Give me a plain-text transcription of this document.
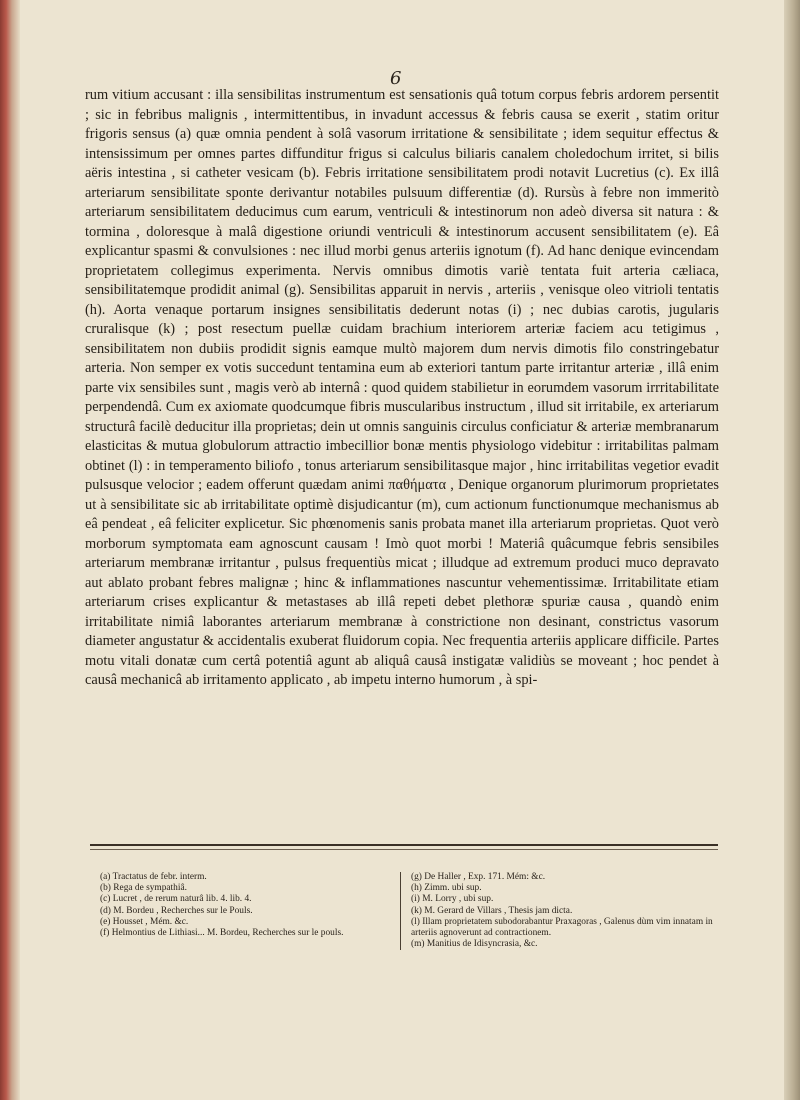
6
rum vitium accusant : illa sensibilitas instrumentum est sensationis quâ totum corpus febris ardorem persentit ; sic in febribus malignis , intermittentibus, in invadunt accessus & febris causa se exerit , statim oritur frigoris sensus (a) quæ omnia pendent à solâ vasorum irritatione & sensibilitate ; idem sequitur effectus & intensissimum per omnes partes diffunditur frigus si calculus biliaris canalem choledochum irritet, si bilis aëris intestina , si catheter vesicam (b). Febris irritatione sensibilitatem prodi notavit Lucretius (c). Ex illâ arteriarum sensibilitate sponte derivantur notabiles pulsuum differentiæ (d). Rursùs à febre non immeritò arteriarum sensibilitatem deducimus cum earum, ventriculi & intestinorum non adeò diversa sit natura : & tormina , doloresque à malâ digestione oriundi ventriculi & intestinorum accusent sensibilitatem (e). Eâ explicantur spasmi & convulsiones : nec illud morbi genus arteriis ignotum (f). Ad hanc denique evincendam proprietatem collegimus experimenta. Nervis omnibus dimotis variè tentata fuit arteria cæliaca, sensibilitatemque prodidit animal (g). Sensibilitas apparuit in nervis , arteriis , venisque oleo vitrioli tentatis (h). Aorta venaque portarum insignes sensibilitatis dederunt notas (i) ; nec dubias carotis, jugularis cruralisque (k) ; post resectum puellæ cuidam brachium interiorem arteriæ faciem acu tetigimus , sensibilitatem non dubiis prodidit signis eamque multò majorem dum nervis dimotis filo constringebatur arteria. Non semper ex votis succedunt tentamina eum ab exteriori tantum parte irritantur arteriæ , illâ enim parte vix sensibiles sunt , magis verò ab internâ : quod quidem stabilietur in eorumdem vasorum irrritabilitate perpendendâ. Cum ex axiomate quodcumque fibris muscularibus instructum , illud sit irritabile, ex arteriarum structurâ facilè deducitur illa proprietas; dein ut omnis sanguinis circulus conficiatur & arteriæ membranarum elasticitas & mutua globulorum attractio imbecillior bonæ mentis physiologo videbitur : irritabilitas palmam obtinet (l) : in temperamento biliofo , tonus arteriarum sensibilitasque major , hinc irritabilitas vegetior evadit pulsusque velocior ; eadem offerunt quædam animi παθήματα , Denique organorum plurimorum proprietates ut à sensibilitate sic ab irritabilitate optimè disjudicantur (m), cum actionum functionumque mechanismus ab eâ pendeat , eâ feliciter explicetur. Sic phœnomenis sanis probata manet illa arteriarum proprietas. Quot verò morborum symptomata eam agnoscunt causam ! Imò quot morbi ! Materiâ quâcumque febris sensibiles arteriarum membranæ irritantur , pulsus frequentiùs micat ; illudque ad extremum produci muco depravato aut ablato probant febres malignæ ; hinc & inflammationes nascuntur vehementissimæ. Irritabilitate etiam arteriarum crises explicantur & metastases ab illâ repeti debet plethoræ spuriæ causa , quandò enim irritabilitate nimiâ laborantes arteriarum membranæ à constrictione non desinant, constrictus vasorum diameter angustatur & accidentalis exuberat fluidorum copia. Nec frequentia arteriis applicare difficile. Partes motu vitali donatæ cum certâ potentiâ agunt ab aliquâ causâ instigatæ validiùs se moveant ; hoc pendet à causâ mechanicâ ab irritamento applicato , ab impetu interno humorum , à spi-
(a) Tractatus de febr. interm.
(b) Rega de sympathiâ.
(c) Lucret , de rerum naturâ lib. 4. lib. 4.
(d) M. Bordeu , Recherches sur le Pouls.
(e) Housset , Mém. &c.
(f) Helmontius de Lithiasi... M. Bordeu, Recherches sur le pouls.
(g) De Haller , Exp. 171. Mém: &c.
(h) Zimm. ubi sup.
(i) M. Lorry , ubi sup.
(k) M. Gerard de Villars , Thesis jam dicta.
(l) Illam proprietatem subodorabantur Praxagoras , Galenus dùm vim innatam in arteriis agnoverunt ad contractionem.
(m) Manitius de Idisyncrasia, &c.
